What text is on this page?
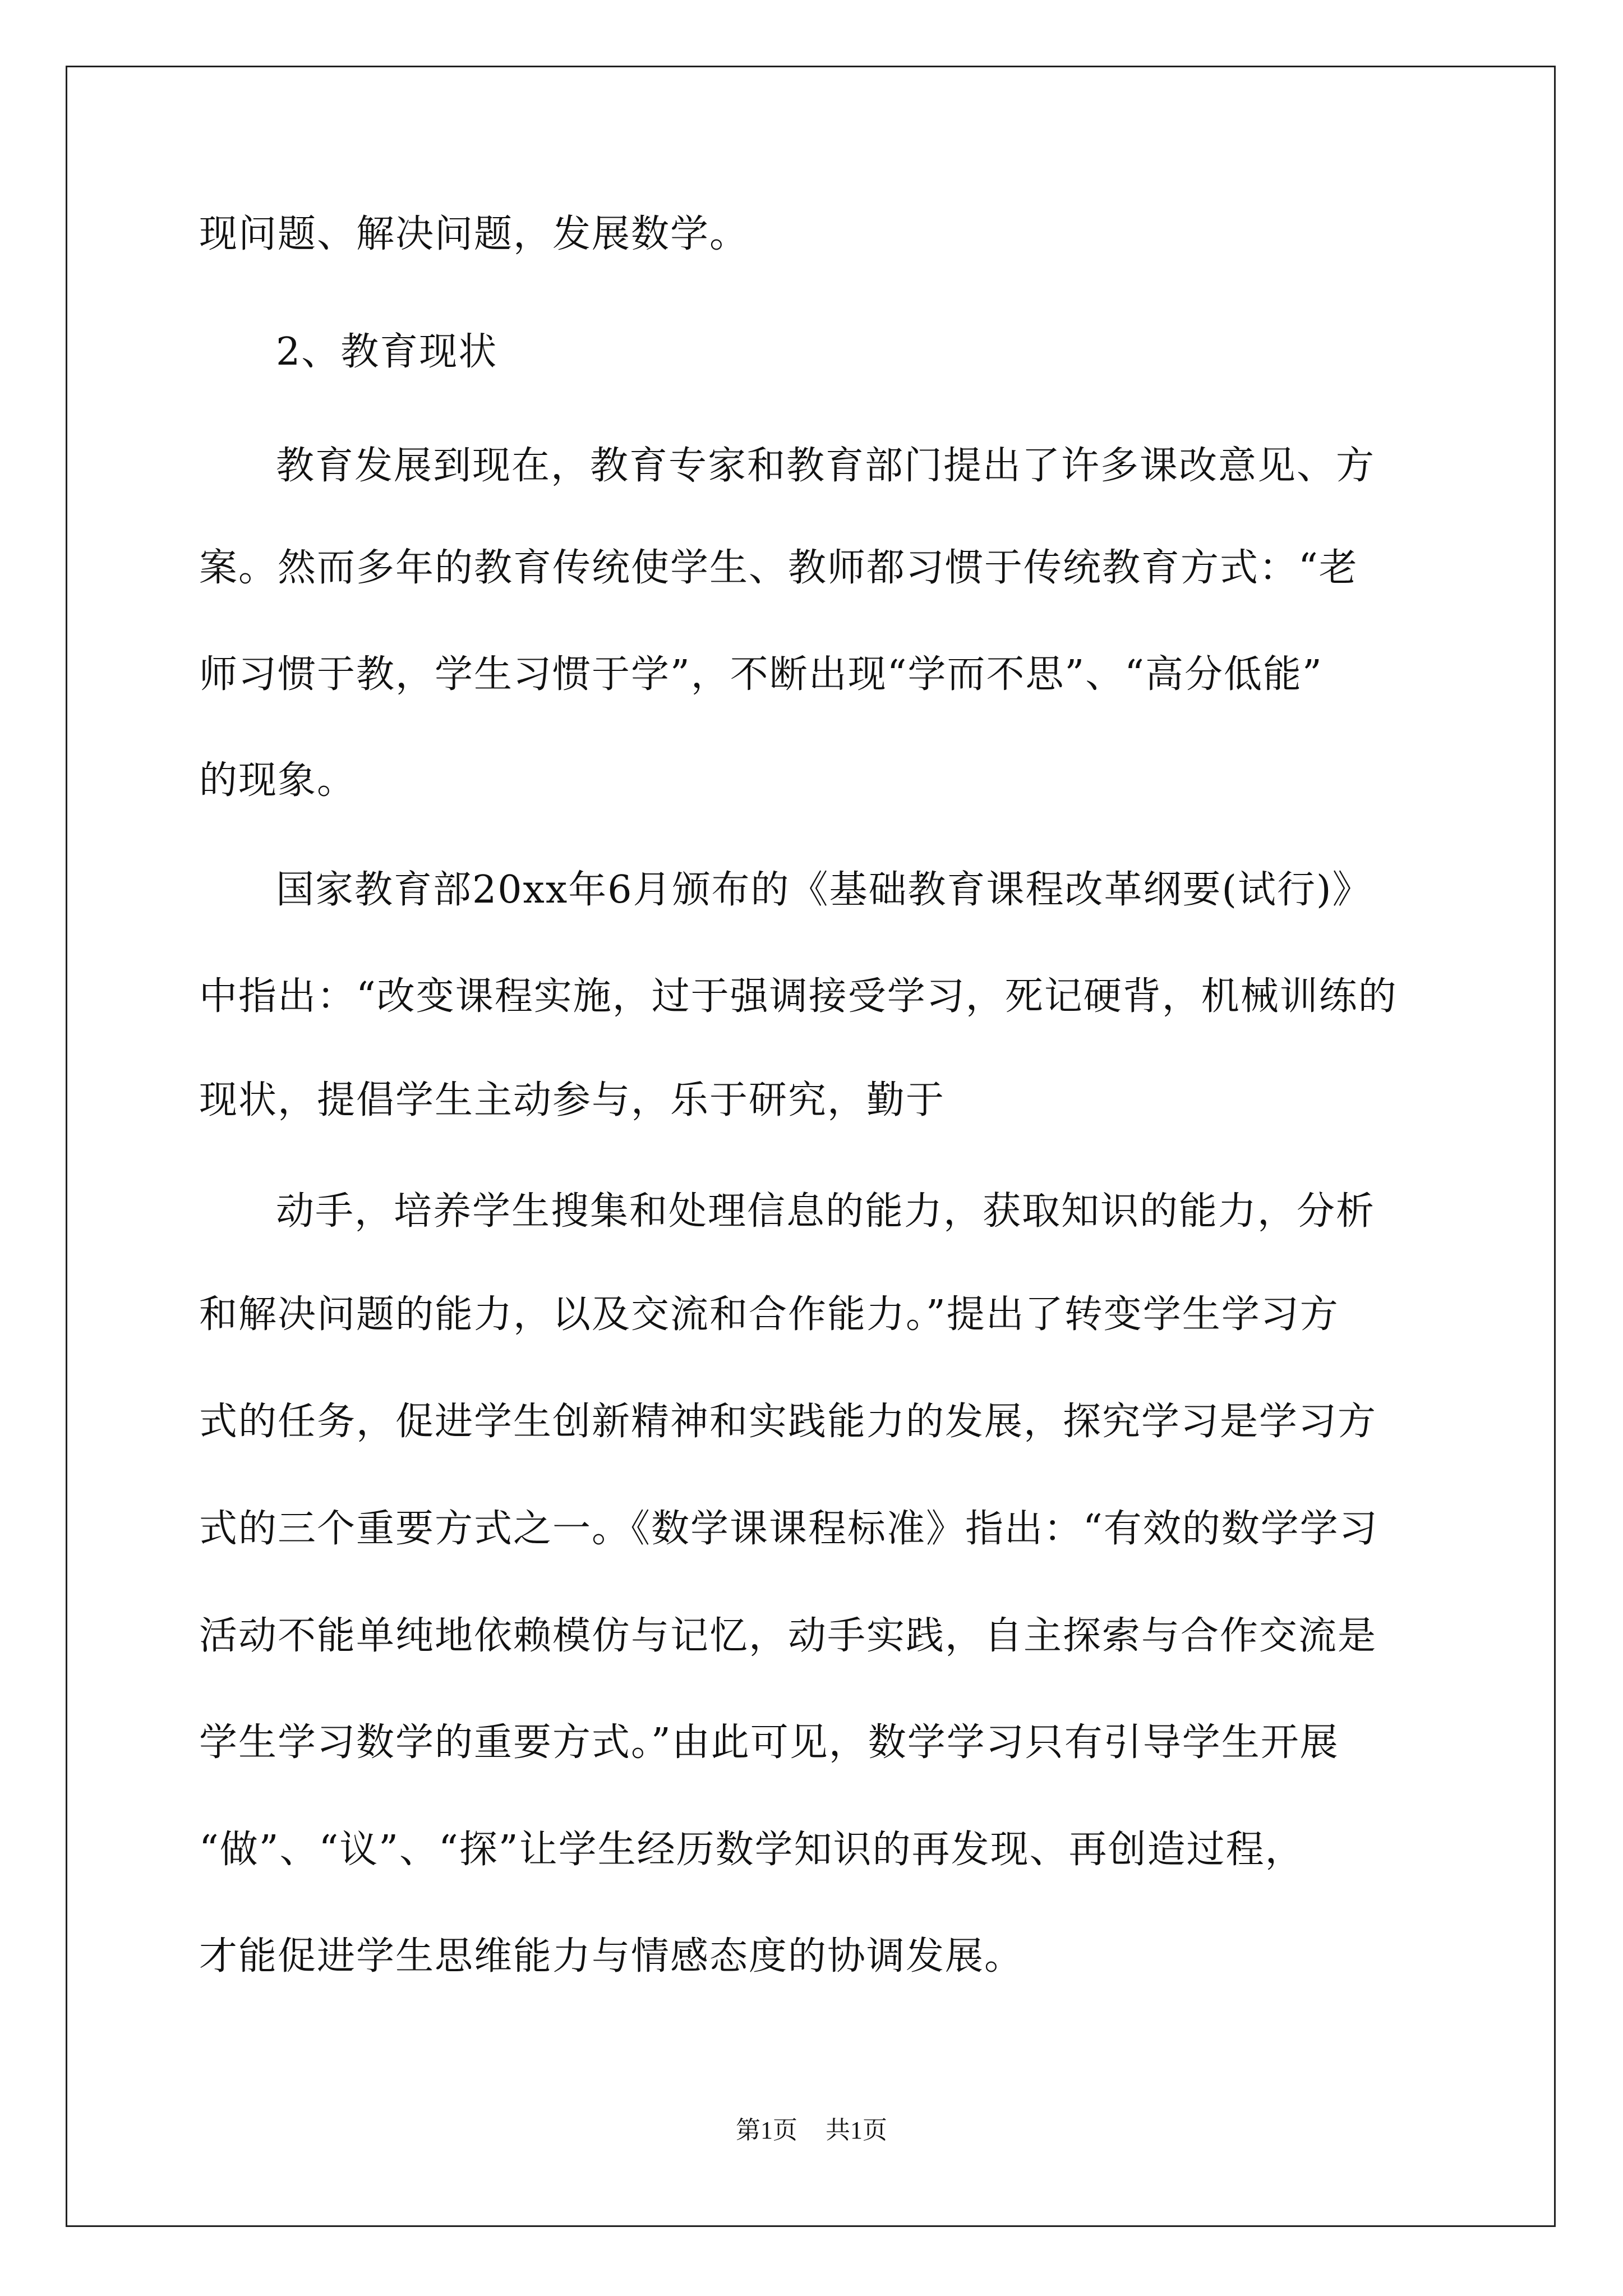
现问题、解决问题，发展数学。
2、教育现状
教育发展到现在，教育专家和教育部门提出了许多课改意见、方
案。然而多年的教育传统使学生、教师都习惯于传统教育方式：“老
师习惯于教，学生习惯于学”，不断出现“学而不思”、“高分低能”
的现象。
国家教育部20xx年6月颁布的《基础教育课程改革纲要(试行)》
中指出：“改变课程实施，过于强调接受学习，死记硬背，机械训练的
现状，提倡学生主动参与，乐于研究，勤于
动手，培养学生搜集和处理信息的能力，获取知识的能力，分析
和解决问题的能力，以及交流和合作能力。”提出了转变学生学习方
式的任务，促进学生创新精神和实践能力的发展，探究学习是学习方
式的三个重要方式之一。《数学课课程标准》指出：“有效的数学学习
活动不能单纯地依赖模仿与记忆，动手实践，自主探索与合作交流是
学生学习数学的重要方式。”由此可见，数学学习只有引导学生开展
“做”、“议”、“探”让学生经历数学知识的再发现、再创造过程，
才能促进学生思维能力与情感态度的协调发展。
第1页 共1页
